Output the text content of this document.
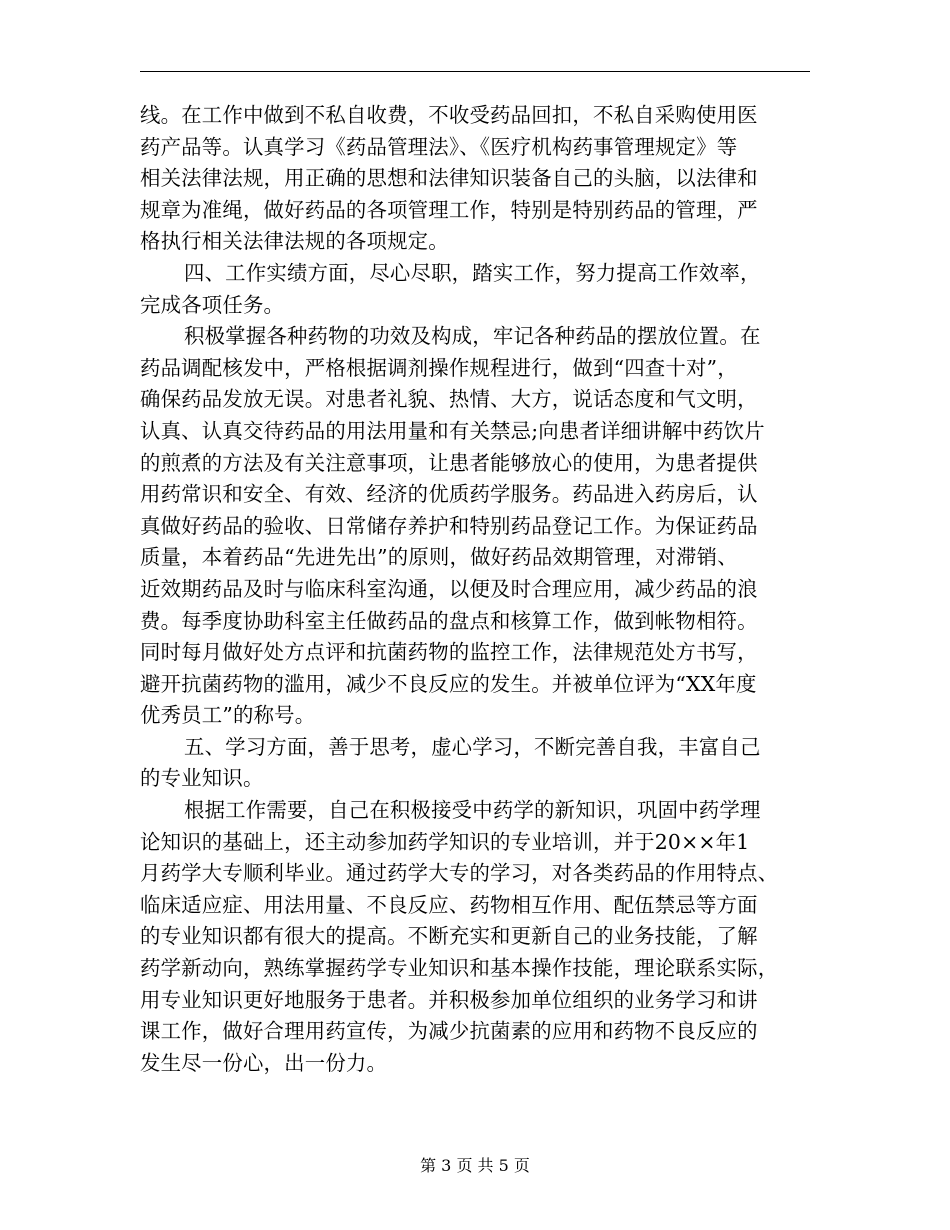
线。在工作中做到不私自收费，不收受药品回扣，不私自采购使用医
药产品等。认真学习《药品管理法》、《医疗机构药事管理规定》等
相关法律法规，用正确的思想和法律知识装备自己的头脑，以法律和
规章为准绳，做好药品的各项管理工作，特别是特别药品的管理，严
格执行相关法律法规的各项规定。
四、工作实绩方面，尽心尽职，踏实工作，努力提高工作效率，
完成各项任务。
积极掌握各种药物的功效及构成，牢记各种药品的摆放位置。在
药品调配核发中，严格根据调剂操作规程进行，做到“四查十对”，
确保药品发放无误。对患者礼貌、热情、大方，说话态度和气文明，
认真、认真交待药品的用法用量和有关禁忌;向患者详细讲解中药饮片
的煎煮的方法及有关注意事项，让患者能够放心的使用，为患者提供
用药常识和安全、有效、经济的优质药学服务。药品进入药房后，认
真做好药品的验收、日常储存养护和特别药品登记工作。为保证药品
质量，本着药品“先进先出”的原则，做好药品效期管理，对滞销、
近效期药品及时与临床科室沟通，以便及时合理应用，减少药品的浪
费。每季度协助科室主任做药品的盘点和核算工作，做到帐物相符。
同时每月做好处方点评和抗菌药物的监控工作，法律规范处方书写，
避开抗菌药物的滥用，减少不良反应的发生。并被单位评为“XX年度
优秀员工”的称号。
五、学习方面，善于思考，虚心学习，不断完善自我，丰富自己
的专业知识。
根据工作需要，自己在积极接受中药学的新知识，巩固中药学理
论知识的基础上，还主动参加药学知识的专业培训，并于20××年1
月药学大专顺利毕业。通过药学大专的学习，对各类药品的作用特点、
临床适应症、用法用量、不良反应、药物相互作用、配伍禁忌等方面
的专业知识都有很大的提高。不断充实和更新自己的业务技能，了解
药学新动向，熟练掌握药学专业知识和基本操作技能，理论联系实际，
用专业知识更好地服务于患者。并积极参加单位组织的业务学习和讲
课工作，做好合理用药宣传，为减少抗菌素的应用和药物不良反应的
发生尽一份心，出一份力。
第 3 页 共 5 页
